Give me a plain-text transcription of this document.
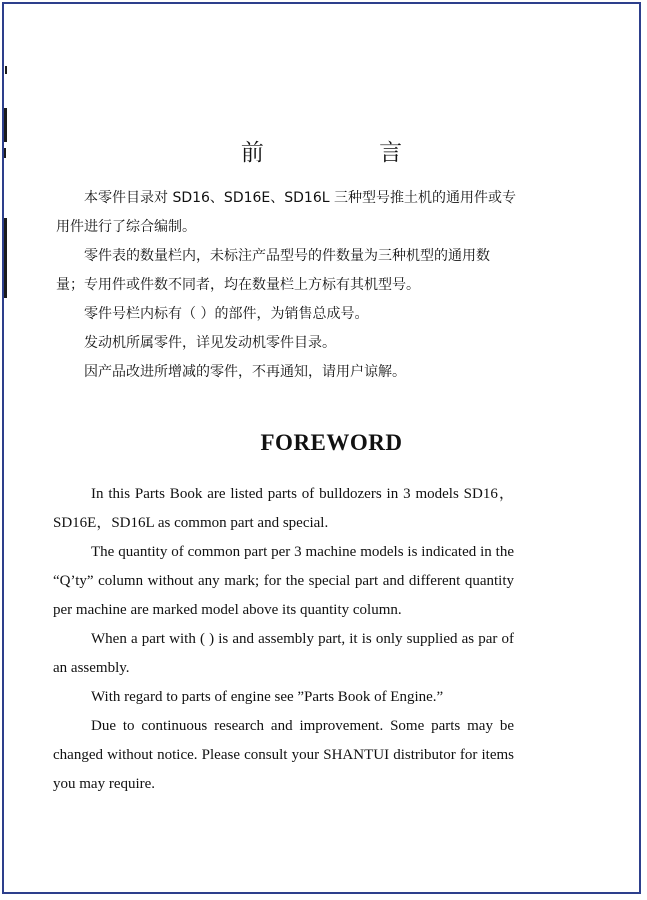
前 言

本零件目录对 SD16、SD16E、SD16L 三种型号推土机的通用件或专用件进行了综合编制。

零件表的数量栏内，未标注产品型号的件数量为三种机型的通用数量；专用件或件数不同者，均在数量栏上方标有其机型号。

零件号栏内标有（ ）的部件，为销售总成号。

发动机所属零件，详见发动机零件目录。

因产品改进所增减的零件，不再通知，请用户谅解。

FOREWORD

In this Parts Book are listed parts of bulldozers in 3 models SD16，SD16E，SD16L as common part and special.

The quantity of common part per 3 machine models is indicated in the “Q’ty” column without any mark; for the special part and different quantity per machine are marked model above its quantity column.

When a part with ( ) is and assembly part, it is only supplied as par of an assembly.

With regard to parts of engine see ”Parts Book of Engine.”

Due to continuous research and improvement. Some parts may be changed without notice. Please consult your SHANTUI distributor for items you may require.
